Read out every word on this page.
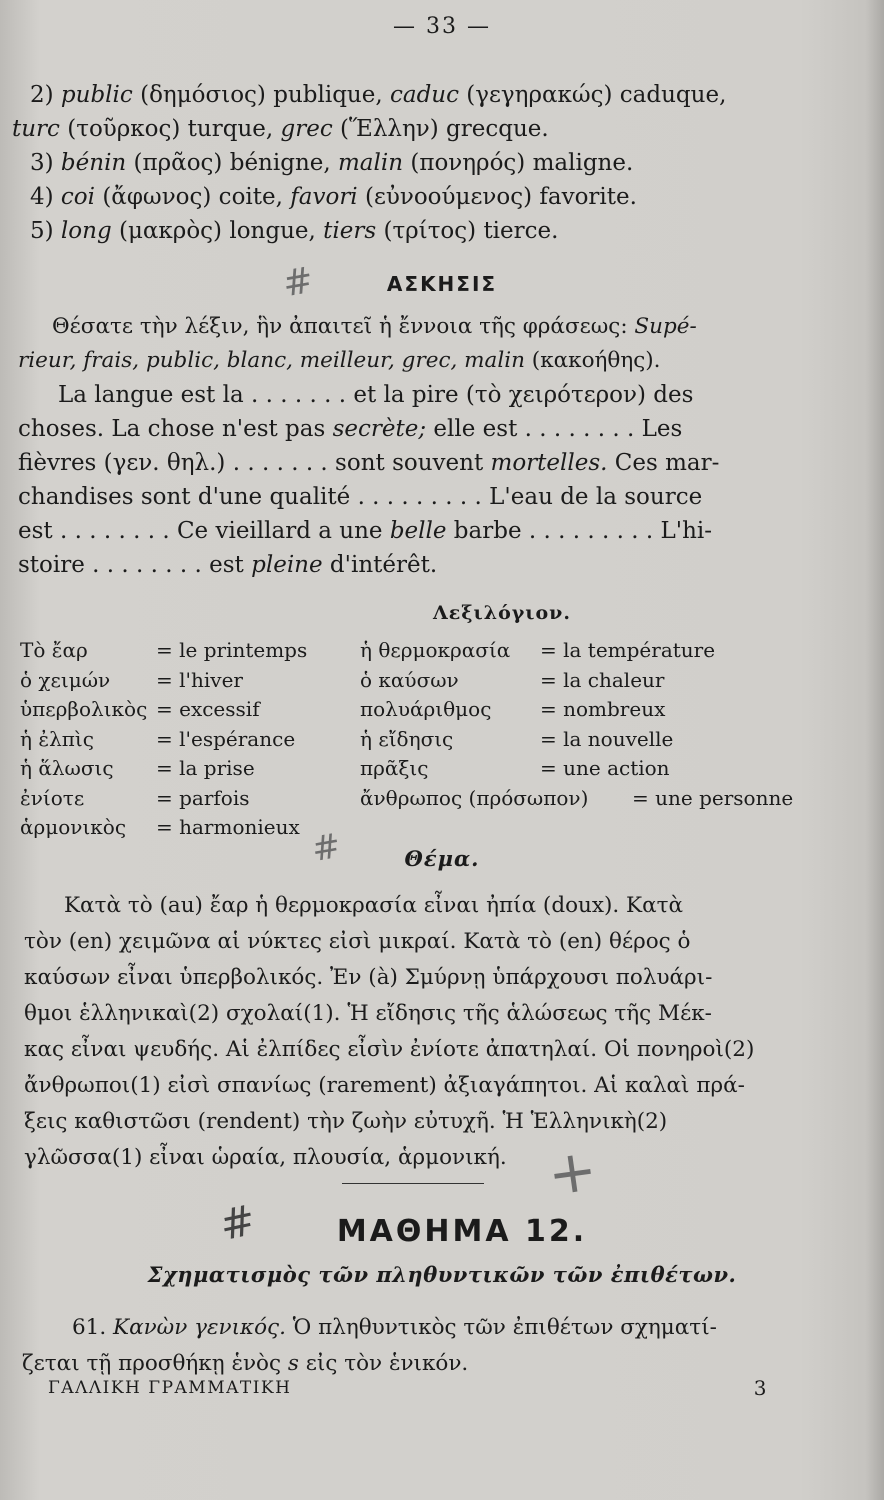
— 33 —
2) public (δημόσιος) publique, caduc (γεγηρακώς) caduque,
turc (τοῦρκος) turque, grec (Ἕλλην) grecque.
3) bénin (πρᾶος) bénigne, malin (πονηρός) maligne.
4) coi (ἄφωνος) coite, favori (εὐνοούμενος) favorite.
5) long (μακρὸς) longue, tiers (τρίτος) tierce.
#	ΑΣΚΗΣΙΣ
Θέσατε τὴν λέξιν, ἣν ἀπαιτεῖ ἡ ἔννοια τῆς φράσεως: Supé-
rieur, frais, public, blanc, meilleur, grec, malin (κακοήθης).
La langue est la . . . . . . . et la pire (τὸ χειρότερον) des
choses. La chose n'est pas secrète; elle est . . . . . . . . Les
fièvres (γεν. θηλ.) . . . . . . . sont souvent mortelles. Ces mar-
chandises sont d'une qualité . . . . . . . . . L'eau de la source
est . . . . . . . . Ce vieillard a une belle barbe . . . . . . . . . L'hi-
stoire . . . . . . . . est pleine d'intérêt.
Λεξιλόγιον.
Τὸ ἔαρ	= le printemps	ἡ θερμοκρασία = la température
ὁ χειμών = l'hiver	ὁ καύσων	= la chaleur
ὑπερβολικὸς = excessif	πολυάριθμος = nombreux
ἡ ἐλπὶς	= l'espérance	ἡ εἴδησις	= la nouvelle
ἡ ἅλωσις = la prise	πρᾶξις	= une action
ἐνίοτε	= parfois	ἄνθρωπος (πρόσωπον) = une personne
ἁρμονικὸς = harmonieux #	Θέμα.
Κατὰ τὸ (au) ἔαρ ἡ θερμοκρασία εἶναι ἠπία (doux). Κατὰ
τὸν (en) χειμῶνα αἱ νύκτες εἰσὶ μικραί. Κατὰ τὸ (en) θέρος ὁ
καύσων εἶναι ὑπερβολικός. Ἐν (à) Σμύρνῃ ὑπάρχουσι πολυάρι-
θμοι ἑλληνικαὶ(2) σχολαί(1). Ἡ εἴδησις τῆς ἁλώσεως τῆς Μέκ-
κας εἶναι ψευδής. Αἱ ἐλπίδες εἶσὶν ἐνίοτε ἀπατηλαί. Οἱ πονηροὶ(2)
ἄνθρωποι(1) εἰσὶ σπανίως (rarement) ἀξιαγάπητοι. Αἱ καλαὶ πρά-
ξεις καθιστῶσι (rendent) τὴν ζωὴν εὐτυχῆ. Ἡ Ἑλληνικὴ(2)
γλῶσσα(1) εἶναι ὡραία, πλουσία, ἁρμονική. +
#	ΜΑΘΗΜΑ 12.
Σχηματισμὸς τῶν πληθυντικῶν τῶν ἐπιθέτων.
61. Κανὼν γενικός. Ὁ πληθυντικὸς τῶν ἐπιθέτων σχηματί-
ζεται τῇ προσθήκῃ ἑνὸς s εἰς τὸν ἑνικόν.
ΓΑΛΛΙΚΗ ΓΡΑΜΜΑΤΙΚΗ	3
